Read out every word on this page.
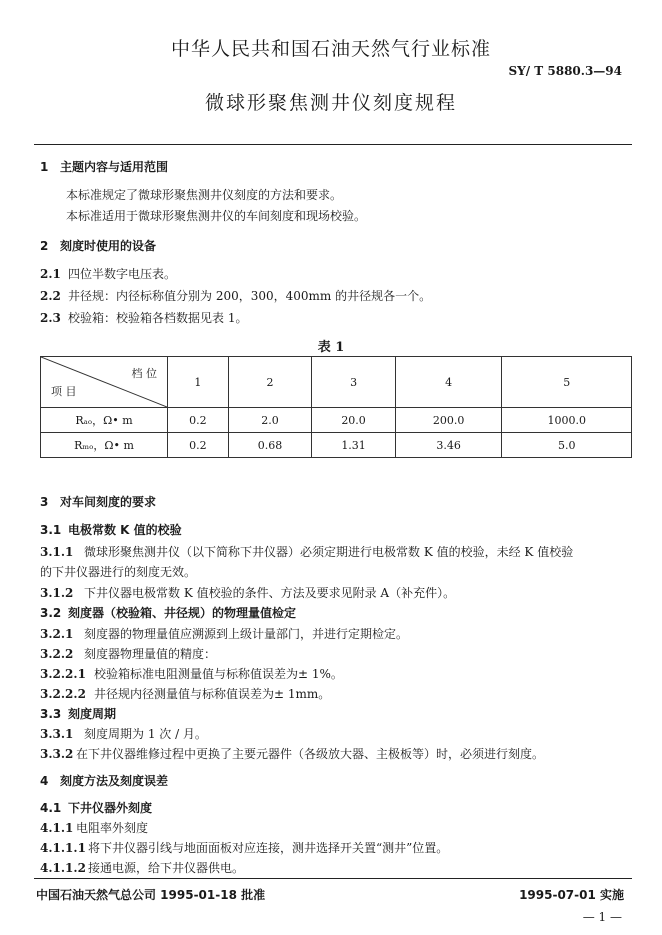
中华人民共和国石油天然气行业标准
SY/ T 5880.3—94
微球形聚焦测井仪刻度规程
1 主题内容与适用范围
本标准规定了微球形聚焦测井仪刻度的方法和要求。
本标准适用于微球形聚焦测井仪的车间刻度和现场校验。
2 刻度时使用的设备
2.1 四位半数字电压表。
2.2 井径规：内径标称值分别为 200，300，400mm 的井径规各一个。
2.3 校验箱：校验箱各档数据见表 1。
表 1
档 位
项 目	1	2	3	4	5
Rₐₒ，Ω• m	0.2	2.0	20.0	200.0	1000.0
Rₘₒ，Ω• m	0.2	0.68	1.31	3.46	5.0
3 对车间刻度的要求
3.1 电极常数 K 值的校验
3.1.1 微球形聚焦测井仪（以下简称下井仪器）必须定期进行电极常数 K 值的校验，未经 K 值校验
的下井仪器进行的刻度无效。
3.1.2 下井仪器电极常数 K 值校验的条件、方法及要求见附录 A（补充件）。
3.2 刻度器（校验箱、井径规）的物理量值检定
3.2.1 刻度器的物理量值应溯源到上级计量部门，并进行定期检定。
3.2.2 刻度器物理量值的精度：
3.2.2.1 校验箱标准电阻测量值与标称值误差为± 1%。
3.2.2.2 井径规内径测量值与标称值误差为± 1mm。
3.3 刻度周期
3.3.1 刻度周期为 1 次 / 月。
3.3.2 在下井仪器维修过程中更换了主要元器件（各级放大器、主极板等）时，必须进行刻度。
4 刻度方法及刻度误差
4.1 下井仪器外刻度
4.1.1 电阻率外刻度
4.1.1.1 将下井仪器引线与地面面板对应连接，测井选择开关置“测井”位置。
4.1.1.2 接通电源，给下井仪器供电。
中国石油天然气总公司 1995-01-18 批准	1995-07-01 实施
— 1 —
